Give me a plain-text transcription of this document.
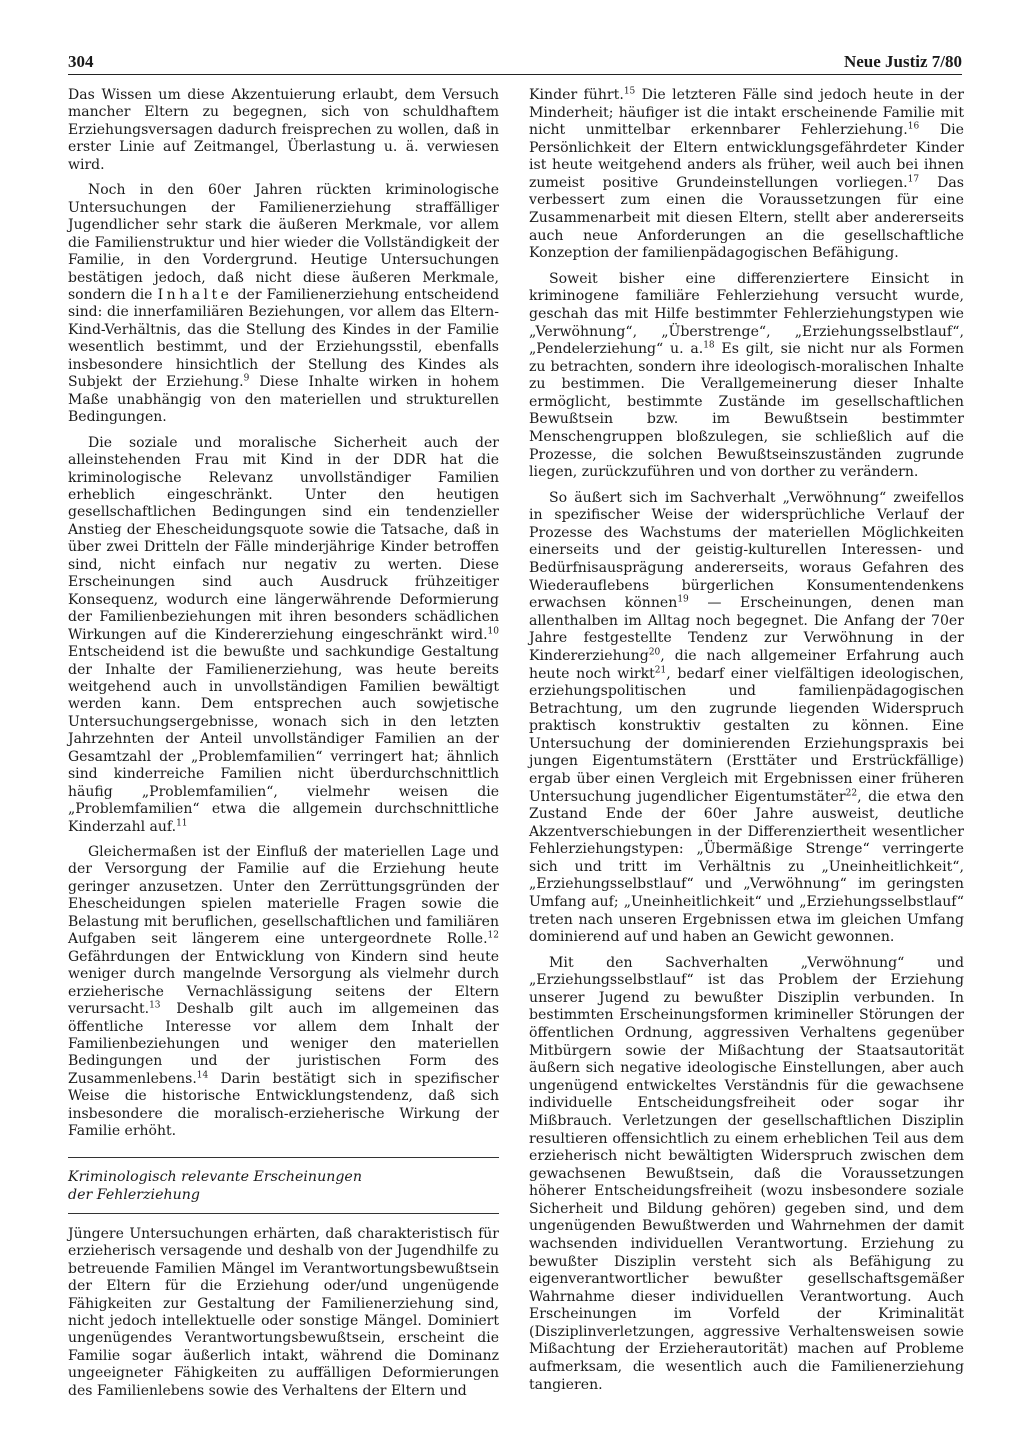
304	Neue Justiz 7/80

Das Wissen um diese Akzentuierung erlaubt, dem Versuch mancher Eltern zu begegnen, sich von schuldhaftem Erziehungsversagen dadurch freisprechen zu wollen, daß in erster Linie auf Zeitmangel, Überlastung u. ä. verwiesen wird.

Noch in den 60er Jahren rückten kriminologische Untersuchungen der Familienerziehung straffälliger Jugendlicher sehr stark die äußeren Merkmale, vor allem die Familienstruktur und hier wieder die Vollständigkeit der Familie, in den Vordergrund. Heutige Untersuchungen bestätigen jedoch, daß nicht diese äußeren Merkmale, sondern die Inhalte der Familienerziehung entscheidend sind: die innerfamiliären Beziehungen, vor allem das Eltern-Kind-Verhältnis, das die Stellung des Kindes in der Familie wesentlich bestimmt, und der Erziehungsstil, ebenfalls insbesondere hinsichtlich der Stellung des Kindes als Subjekt der Erziehung.$^9$ Diese Inhalte wirken in hohem Maße unabhängig von den materiellen und strukturellen Bedingungen.

Die soziale und moralische Sicherheit auch der alleinstehenden Frau mit Kind in der DDR hat die kriminologische Relevanz unvollständiger Familien erheblich eingeschränkt. Unter den heutigen gesellschaftlichen Bedingungen sind ein tendenzieller Anstieg der Ehescheidungsquote sowie die Tatsache, daß in über zwei Dritteln der Fälle minderjährige Kinder betroffen sind, nicht einfach nur negativ zu werten. Diese Erscheinungen sind auch Ausdruck frühzeitiger Konsequenz, wodurch eine längerwährende Deformierung der Familienbeziehungen mit ihren besonders schädlichen Wirkungen auf die Kindererziehung eingeschränkt wird.$^{10}$ Entscheidend ist die bewußte und sachkundige Gestaltung der Inhalte der Familienerziehung, was heute bereits weitgehend auch in unvollständigen Familien bewältigt werden kann. Dem entsprechen auch sowjetische Untersuchungsergebnisse, wonach sich in den letzten Jahrzehnten der Anteil unvollständiger Familien an der Gesamtzahl der „Problemfamilien“ verringert hat; ähnlich sind kinderreiche Familien nicht überdurchschnittlich häufig „Problemfamilien“, vielmehr weisen die „Problemfamilien“ etwa die allgemein durchschnittliche Kinderzahl auf.$^{11}$

Gleichermaßen ist der Einfluß der materiellen Lage und der Versorgung der Familie auf die Erziehung heute geringer anzusetzen. Unter den Zerrüttungsgründen der Ehescheidungen spielen materielle Fragen sowie die Belastung mit beruflichen, gesellschaftlichen und familiären Aufgaben seit längerem eine untergeordnete Rolle.$^{12}$ Gefährdungen der Entwicklung von Kindern sind heute weniger durch mangelnde Versorgung als vielmehr durch erzieherische Vernachlässigung seitens der Eltern verursacht.$^{13}$ Deshalb gilt auch im allgemeinen das öffentliche Interesse vor allem dem Inhalt der Familienbeziehungen und weniger den materiellen Bedingungen und der juristischen Form des Zusammenlebens.$^{14}$ Darin bestätigt sich in spezifischer Weise die historische Entwicklungstendenz, daß sich insbesondere die moralisch-erzieherische Wirkung der Familie erhöht.

Kriminologisch relevante Erscheinungen
der Fehlerziehung

Jüngere Untersuchungen erhärten, daß charakteristisch für erzieherisch versagende und deshalb von der Jugendhilfe zu betreuende Familien Mängel im Verantwortungsbewußtsein der Eltern für die Erziehung oder/und ungenügende Fähigkeiten zur Gestaltung der Familienerziehung sind, nicht jedoch intellektuelle oder sonstige Mängel. Dominiert ungenügendes Verantwortungsbewußtsein, erscheint die Familie sogar äußerlich intakt, während die Dominanz ungeeigneter Fähigkeiten zu auffälligen Deformierungen des Familienlebens sowie des Verhaltens der Eltern und

Kinder führt.$^{15}$ Die letzteren Fälle sind jedoch heute in der Minderheit; häufiger ist die intakt erscheinende Familie mit nicht unmittelbar erkennbarer Fehlerziehung.$^{16}$ Die Persönlichkeit der Eltern entwicklungsgefährdeter Kinder ist heute weitgehend anders als früher, weil auch bei ihnen zumeist positive Grundeinstellungen vorliegen.$^{17}$ Das verbessert zum einen die Voraussetzungen für eine Zusammenarbeit mit diesen Eltern, stellt aber andererseits auch neue Anforderungen an die gesellschaftliche Konzeption der familienpädagogischen Befähigung.

Soweit bisher eine differenziertere Einsicht in kriminogene familiäre Fehlerziehung versucht wurde, geschah das mit Hilfe bestimmter Fehlerziehungstypen wie „Verwöhnung“, „Überstrenge“, „Erziehungsselbstlauf“, „Pendelerziehung“ u. a.$^{18}$ Es gilt, sie nicht nur als Formen zu betrachten, sondern ihre ideologisch-moralischen Inhalte zu bestimmen. Die Verallgemeinerung dieser Inhalte ermöglicht, bestimmte Zustände im gesellschaftlichen Bewußtsein bzw. im Bewußtsein bestimmter Menschengruppen bloßzulegen, sie schließlich auf die Prozesse, die solchen Bewußtseinszuständen zugrunde liegen, zurückzuführen und von dorther zu verändern.

So äußert sich im Sachverhalt „Verwöhnung“ zweifellos in spezifischer Weise der widersprüchliche Verlauf der Prozesse des Wachstums der materiellen Möglichkeiten einerseits und der geistig-kulturellen Interessen- und Bedürfnisausprägung andererseits, woraus Gefahren des Wiederauflebens bürgerlichen Konsumentendenkens erwachsen können$^{19}$ — Erscheinungen, denen man allenthalben im Alltag noch begegnet. Die Anfang der 70er Jahre festgestellte Tendenz zur Verwöhnung in der Kindererziehung$^{20}$, die nach allgemeiner Erfahrung auch heute noch wirkt$^{21}$, bedarf einer vielfältigen ideologischen, erziehungspolitischen und familienpädagogischen Betrachtung, um den zugrunde liegenden Widerspruch praktisch konstruktiv gestalten zu können. Eine Untersuchung der dominierenden Erziehungspraxis bei jungen Eigentumstätern (Ersttäter und Erstrückfällige) ergab über einen Vergleich mit Ergebnissen einer früheren Untersuchung jugendlicher Eigentumstäter$^{22}$, die etwa den Zustand Ende der 60er Jahre ausweist, deutliche Akzentverschiebungen in der Differenziertheit wesentlicher Fehlerziehungstypen: „Übermäßige Strenge“ verringerte sich und tritt im Verhältnis zu „Uneinheitlichkeit“, „Erziehungsselbstlauf“ und „Verwöhnung“ im geringsten Umfang auf; „Uneinheitlichkeit“ und „Erziehungsselbstlauf“ treten nach unseren Ergebnissen etwa im gleichen Umfang dominierend auf und haben an Gewicht gewonnen.

Mit den Sachverhalten „Verwöhnung“ und „Erziehungsselbstlauf“ ist das Problem der Erziehung unserer Jugend zu bewußter Disziplin verbunden. In bestimmten Erscheinungsformen krimineller Störungen der öffentlichen Ordnung, aggressiven Verhaltens gegenüber Mitbürgern sowie der Mißachtung der Staatsautorität äußern sich negative ideologische Einstellungen, aber auch ungenügend entwickeltes Verständnis für die gewachsene individuelle Entscheidungsfreiheit oder sogar ihr Mißbrauch. Verletzungen der gesellschaftlichen Disziplin resultieren offensichtlich zu einem erheblichen Teil aus dem erzieherisch nicht bewältigten Widerspruch zwischen dem gewachsenen Bewußtsein, daß die Voraussetzungen höherer Entscheidungsfreiheit (wozu insbesondere soziale Sicherheit und Bildung gehören) gegeben sind, und dem ungenügenden Bewußtwerden und Wahrnehmen der damit wachsenden individuellen Verantwortung. Erziehung zu bewußter Disziplin versteht sich als Befähigung zu eigenverantwortlicher bewußter gesellschaftsgemäßer Wahrnahme dieser individuellen Verantwortung. Auch Erscheinungen im Vorfeld der Kriminalität (Disziplinverletzungen, aggressive Verhaltensweisen sowie Mißachtung der Erzieherautorität) machen auf Probleme aufmerksam, die wesentlich auch die Familienerziehung tangieren.
